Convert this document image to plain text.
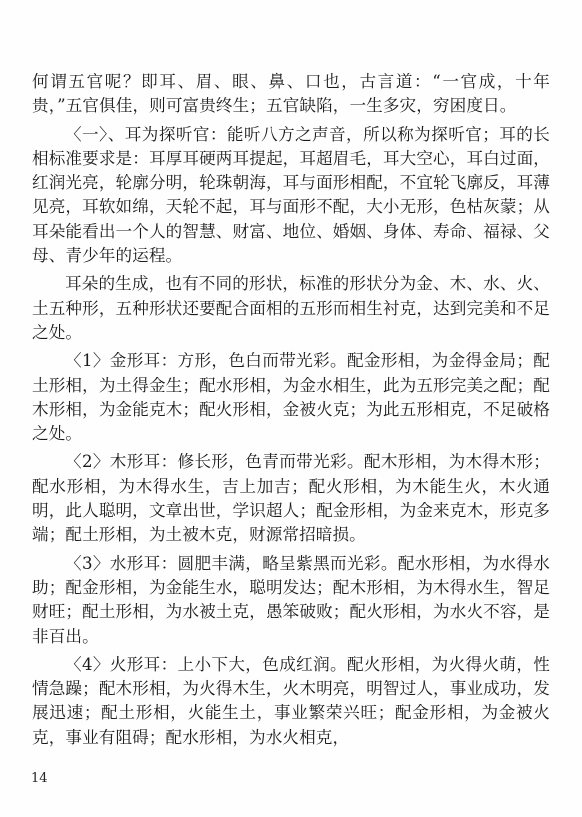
何谓五官呢？即耳、眉、眼、鼻、口也，古言道：“一官成，十年贵，”五官俱佳，则可富贵终生；五官缺陷，一生多灾，穷困度日。

〈一〉、耳为探听官：能听八方之声音，所以称为探听官；耳的长相标准要求是：耳厚耳硬两耳提起，耳超眉毛，耳大空心，耳白过面，红润光亮，轮廓分明，轮珠朝海，耳与面形相配，不宜轮飞廓反，耳薄见亮，耳软如绵，天轮不起，耳与面形不配，大小无形，色枯灰蒙；从耳朵能看出一个人的智慧、财富、地位、婚姻、身体、寿命、福禄、父母、青少年的运程。

耳朵的生成，也有不同的形状，标准的形状分为金、木、水、火、土五种形，五种形状还要配合面相的五形而相生衬克，达到完美和不足之处。

〈1〉金形耳：方形，色白而带光彩。配金形相，为金得金局；配土形相，为土得金生；配水形相，为金水相生，此为五形完美之配；配木形相，为金能克木；配火形相，金被火克；为此五形相克，不足破格之处。

〈2〉木形耳：修长形，色青而带光彩。配木形相，为木得木形；配水形相，为木得水生，吉上加吉；配火形相，为木能生火，木火通明，此人聪明，文章出世，学识超人；配金形相，为金来克木，形克多端；配土形相，为土被木克，财源常招暗损。

〈3〉水形耳：圆肥丰满，略呈紫黑而光彩。配水形相，为水得水助；配金形相，为金能生水，聪明发达；配木形相，为木得水生，智足财旺；配土形相，为水被土克，愚笨破败；配火形相，为水火不容，是非百出。

〈4〉火形耳：上小下大，色成红润。配火形相，为火得火萌，性情急躁；配木形相，为火得木生，火木明亮，明智过人，事业成功，发展迅速；配土形相，火能生土，事业繁荣兴旺；配金形相，为金被火克，事业有阻碍；配水形相，为水火相克，

14
